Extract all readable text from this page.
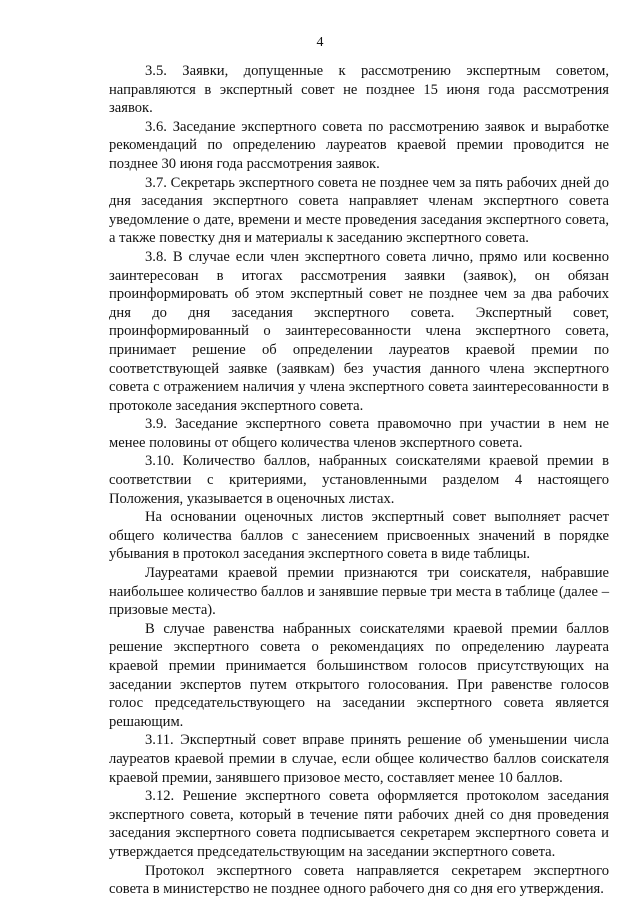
4

3.5. Заявки, допущенные к рассмотрению экспертным советом, направляются в экспертный совет не позднее 15 июня года рассмотрения заявок.

3.6. Заседание экспертного совета по рассмотрению заявок и выработке рекомендаций по определению лауреатов краевой премии проводится не позднее 30 июня года рассмотрения заявок.

3.7. Секретарь экспертного совета не позднее чем за пять рабочих дней до дня заседания экспертного совета направляет членам экспертного совета уведомление о дате, времени и месте проведения заседания экспертного совета, а также повестку дня и материалы к заседанию экспертного совета.

3.8. В случае если член экспертного совета лично, прямо или косвенно заинтересован в итогах рассмотрения заявки (заявок), он обязан проинформировать об этом экспертный совет не позднее чем за два рабочих дня до дня заседания экспертного совета. Экспертный совет, проинформированный о заинтересованности члена экспертного совета, принимает решение об определении лауреатов краевой премии по соответствующей заявке (заявкам) без участия данного члена экспертного совета с отражением наличия у члена экспертного совета заинтересованности в протоколе заседания экспертного совета.

3.9. Заседание экспертного совета правомочно при участии в нем не менее половины от общего количества членов экспертного совета.

3.10. Количество баллов, набранных соискателями краевой премии в соответствии с критериями, установленными разделом 4 настоящего Положения, указывается в оценочных листах.

На основании оценочных листов экспертный совет выполняет расчет общего количества баллов с занесением присвоенных значений в порядке убывания в протокол заседания экспертного совета в виде таблицы.

Лауреатами краевой премии признаются три соискателя, набравшие наибольшее количество баллов и занявшие первые три места в таблице (далее – призовые места).

В случае равенства набранных соискателями краевой премии баллов решение экспертного совета о рекомендациях по определению лауреата краевой премии принимается большинством голосов присутствующих на заседании экспертов путем открытого голосования. При равенстве голосов голос председательствующего на заседании экспертного совета является решающим.

3.11. Экспертный совет вправе принять решение об уменьшении числа лауреатов краевой премии в случае, если общее количество баллов соискателя краевой премии, занявшего призовое место, составляет менее 10 баллов.

3.12. Решение экспертного совета оформляется протоколом заседания экспертного совета, который в течение пяти рабочих дней со дня проведения заседания экспертного совета подписывается секретарем экспертного совета и утверждается председательствующим на заседании экспертного совета.

Протокол экспертного совета направляется секретарем экспертного совета в министерство не позднее одного рабочего дня со дня его утверждения.
